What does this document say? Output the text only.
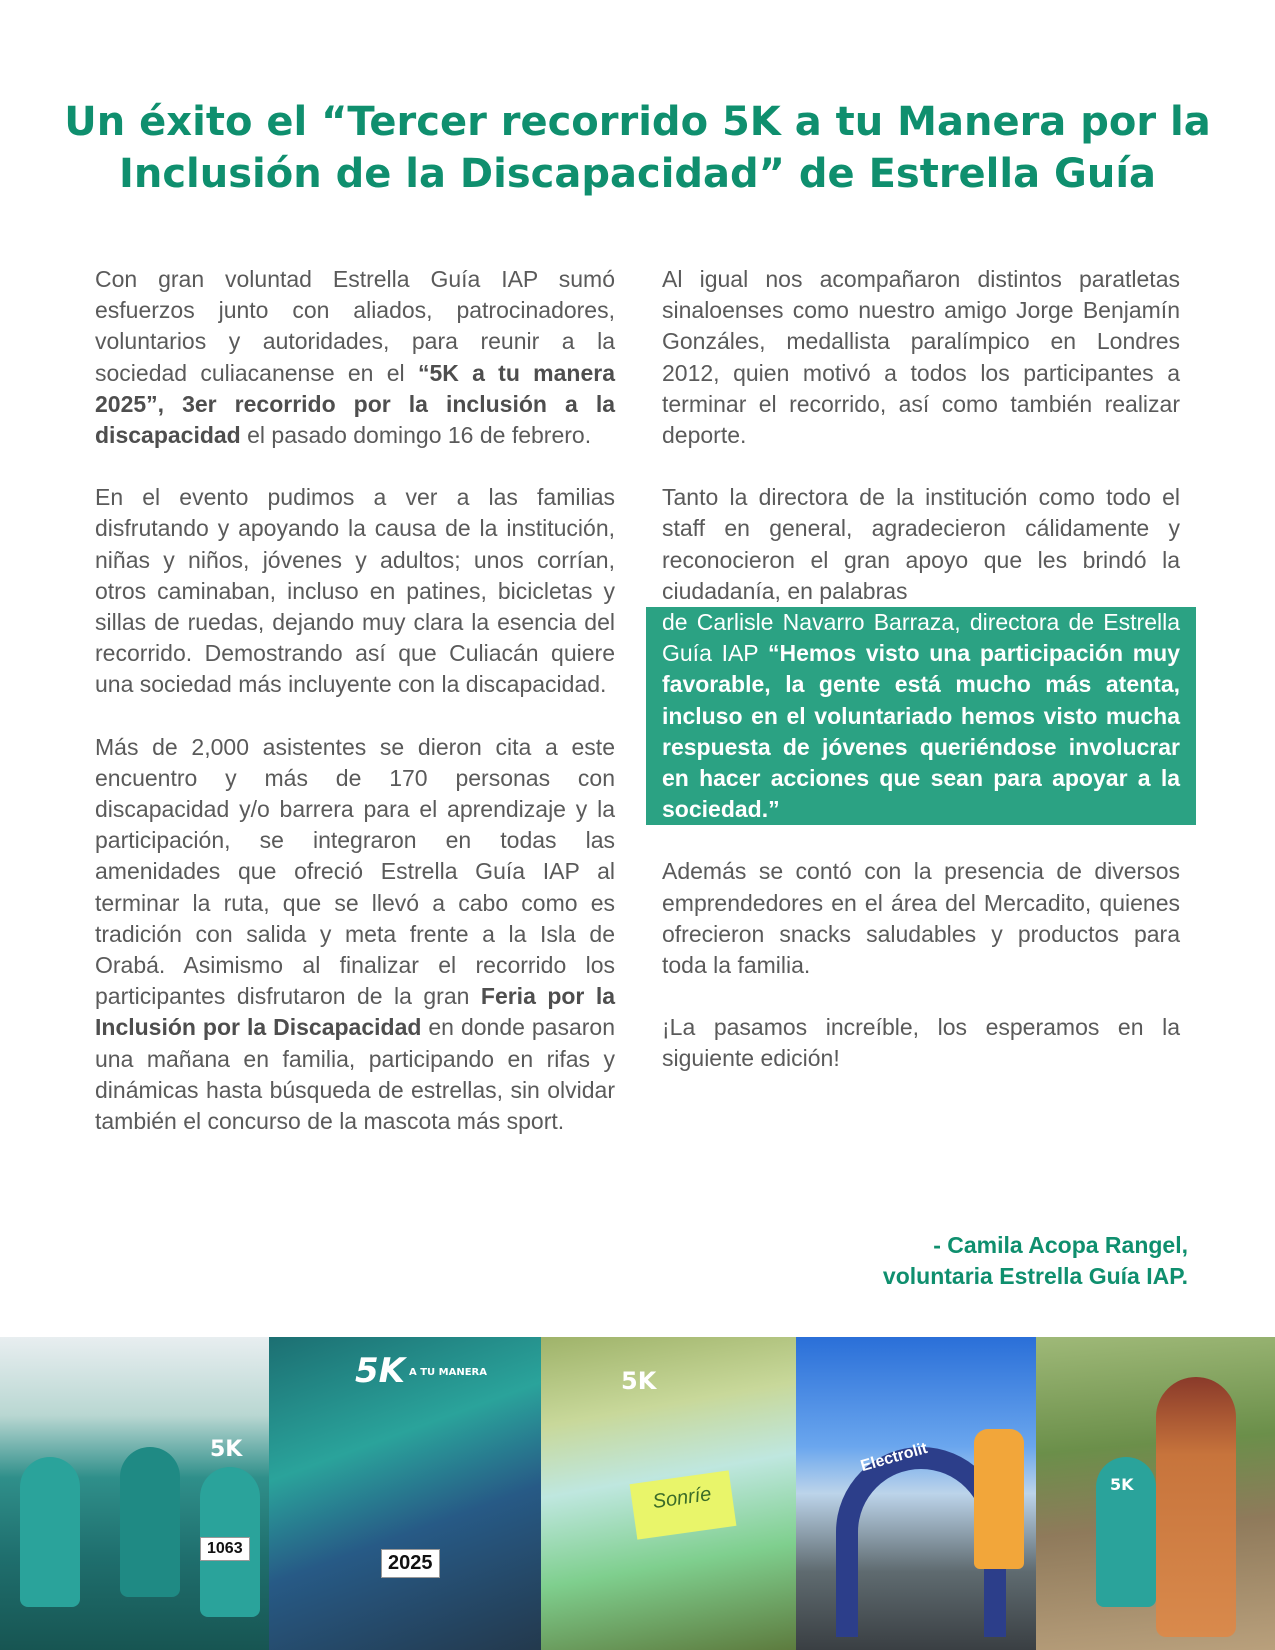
Un éxito el “Tercer recorrido 5K a tu Manera por la Inclusión de la Discapacidad” de Estrella Guía

Con gran voluntad Estrella Guía IAP sumó esfuerzos junto con aliados, patrocinadores, voluntarios y autoridades, para reunir a la sociedad culiacanense en el “5K a tu manera 2025”, 3er recorrido por la inclusión a la discapacidad el pasado domingo 16 de febrero.

En el evento pudimos a ver a las familias disfrutando y apoyando la causa de la institución, niñas y niños, jóvenes y adultos; unos corrían, otros caminaban, incluso en patines, bicicletas y sillas de ruedas, dejando muy clara la esencia del recorrido. Demostrando así que Culiacán quiere una sociedad más incluyente con la discapacidad.

Más de 2,000 asistentes se dieron cita a este encuentro y más de 170 personas con discapacidad y/o barrera para el aprendizaje y la participación, se integraron en todas las amenidades que ofreció Estrella Guía IAP al terminar la ruta, que se llevó a cabo como es tradición con salida y meta frente a la Isla de Orabá. Asimismo al finalizar el recorrido los participantes disfrutaron de la gran Feria por la Inclusión por la Discapacidad en donde pasaron una mañana en familia, participando en rifas y dinámicas hasta búsqueda de estrellas, sin olvidar también el concurso de la mascota más sport.

Al igual nos acompañaron distintos paratletas sinaloenses como nuestro amigo Jorge Benjamín Gonzáles, medallista paralímpico en Londres 2012, quien motivó a todos los participantes a terminar el recorrido, así como también realizar deporte.

Tanto la directora de la institución como todo el staff en general, agradecieron cálidamente y reconocieron el gran apoyo que les brindó la ciudadanía, en palabras

de Carlisle Navarro Barraza, directora de Estrella Guía IAP “Hemos visto una participación muy favorable, la gente está mucho más atenta, incluso en el voluntariado hemos visto mucha respuesta de jóvenes queriéndose involucrar en hacer acciones que sean para apoyar a la sociedad.”

Además se contó con la presencia de diversos emprendedores en el área del Mercadito, quienes ofrecieron snacks saludables y productos para toda la familia.

¡La pasamos increíble, los esperamos en la siguiente edición!

- Camila Acopa Rangel,
voluntaria Estrella Guía IAP.
5K
1063
5K A TU MANERA
2025
5K
Sonríe
Electrolit
5K
